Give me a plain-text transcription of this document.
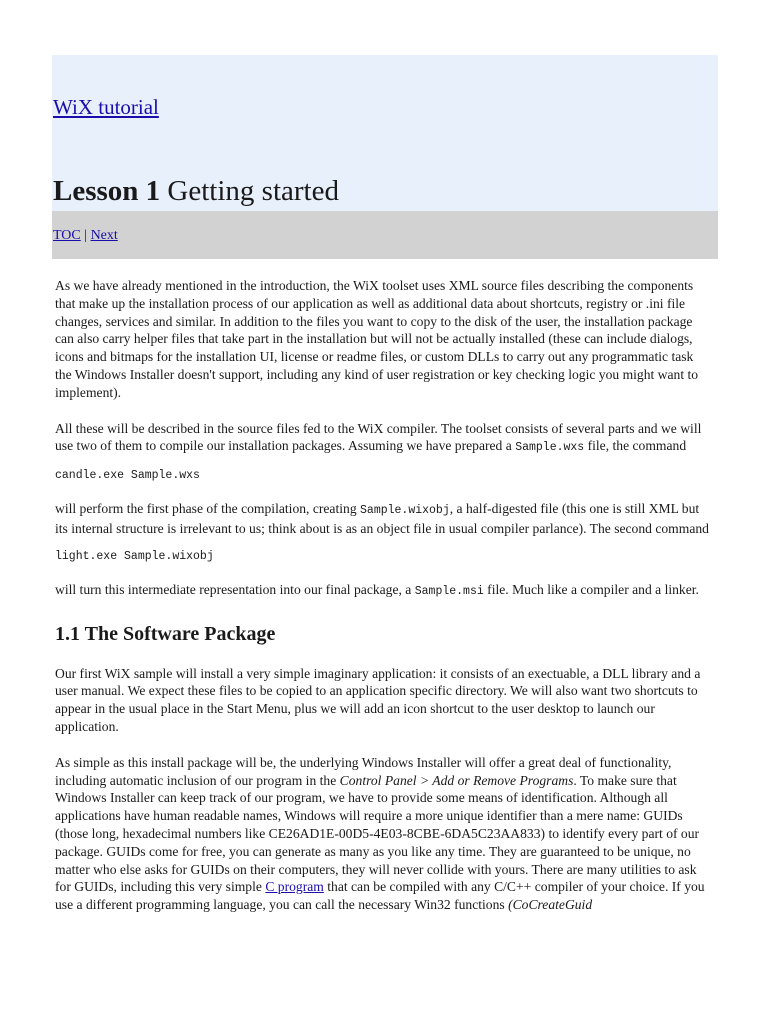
WiX tutorial
Lesson 1 Getting started
TOC | Next

As we have already mentioned in the introduction, the WiX toolset uses XML source files describing the components that make up the installation process of our application as well as additional data about shortcuts, registry or .ini file changes, services and similar. In addition to the files you want to copy to the disk of the user, the installation package can also carry helper files that take part in the installation but will not be actually installed (these can include dialogs, icons and bitmaps for the installation UI, license or readme files, or custom DLLs to carry out any programmatic task the Windows Installer doesn't support, including any kind of user registration or key checking logic you might want to implement).

All these will be described in the source files fed to the WiX compiler. The toolset consists of several parts and we will use two of them to compile our installation packages. Assuming we have prepared a Sample.wxs file, the command

candle.exe Sample.wxs

will perform the first phase of the compilation, creating Sample.wixobj, a half-digested file (this one is still XML but its internal structure is irrelevant to us; think about is as an object file in usual compiler parlance). The second command

light.exe Sample.wixobj

will turn this intermediate representation into our final package, a Sample.msi file. Much like a compiler and a linker.

1.1 The Software Package

Our first WiX sample will install a very simple imaginary application: it consists of an exectuable, a DLL library and a user manual. We expect these files to be copied to an application specific directory. We will also want two shortcuts to appear in the usual place in the Start Menu, plus we will add an icon shortcut to the user desktop to launch our application.

As simple as this install package will be, the underlying Windows Installer will offer a great deal of functionality, including automatic inclusion of our program in the Control Panel > Add or Remove Programs. To make sure that Windows Installer can keep track of our program, we have to provide some means of identification. Although all applications have human readable names, Windows will require a more unique identifier than a mere name: GUIDs (those long, hexadecimal numbers like CE26AD1E-00D5-4E03-8CBE-6DA5C23AA833) to identify every part of our package. GUIDs come for free, you can generate as many as you like any time. They are guaranteed to be unique, no matter who else asks for GUIDs on their computers, they will never collide with yours. There are many utilities to ask for GUIDs, including this very simple C program that can be compiled with any C/C++ compiler of your choice. If you use a different programming language, you can call the necessary Win32 functions (CoCreateGuid
